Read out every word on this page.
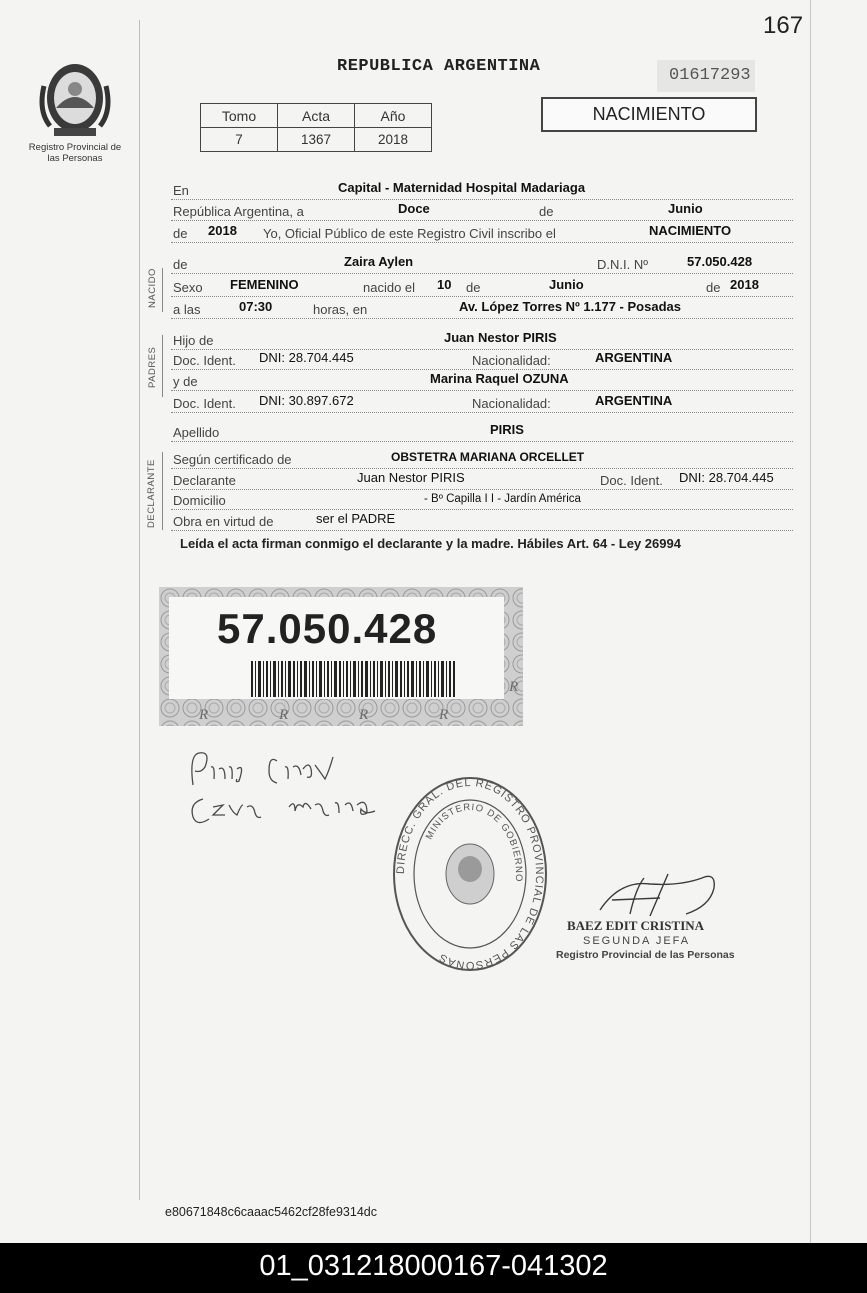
167
Registro Provincial de las Personas
REPUBLICA ARGENTINA	01617293
Tomo	Acta	Año
7	1367	2018
NACIMIENTO
En	Capital - Maternidad Hospital Madariaga
República Argentina, a	Doce	de	Junio
de 2018 Yo, Oficial Público de este Registro Civil inscribo el	NACIMIENTO
NACIDO
de	Zaira Aylen	D.N.I. Nº	57.050.428
Sexo FEMENINO	nacido el 10 de	Junio	de 2018
a las	07:30	horas, en	Av. López Torres Nº 1.177 - Posadas
PADRES
Hijo de	Juan Nestor PIRIS
Doc. Ident. DNI: 28.704.445	Nacionalidad:	ARGENTINA
y de	Marina Raquel OZUNA
Doc. Ident. DNI: 30.897.672	Nacionalidad:	ARGENTINA
Apellido	PIRIS
DECLARANTE Según certificado de	OBSTETRA MARIANA ORCELLET
Declarante	Juan Nestor PIRIS	Doc. Ident. DNI: 28.704.445
Domicilio	- Bº Capilla I I - Jardín América
Obra en virtud de	ser el PADRE
Leída el acta firman conmigo el declarante y la madre. Hábiles Art. 64 - Ley 26994
57.050.428
R
R	R	R	R
DIRECC. GRAL. DEL REGISTRO PROVINCIAL DE LAS PERSONAS
MINISTERIO DE GOBIERNO
BAEZ EDIT CRISTINA
SEGUNDA JEFA
Registro Provincial de las Personas
e80671848c6caaac5462cf28fe9314dc
01_031218000167-041302
